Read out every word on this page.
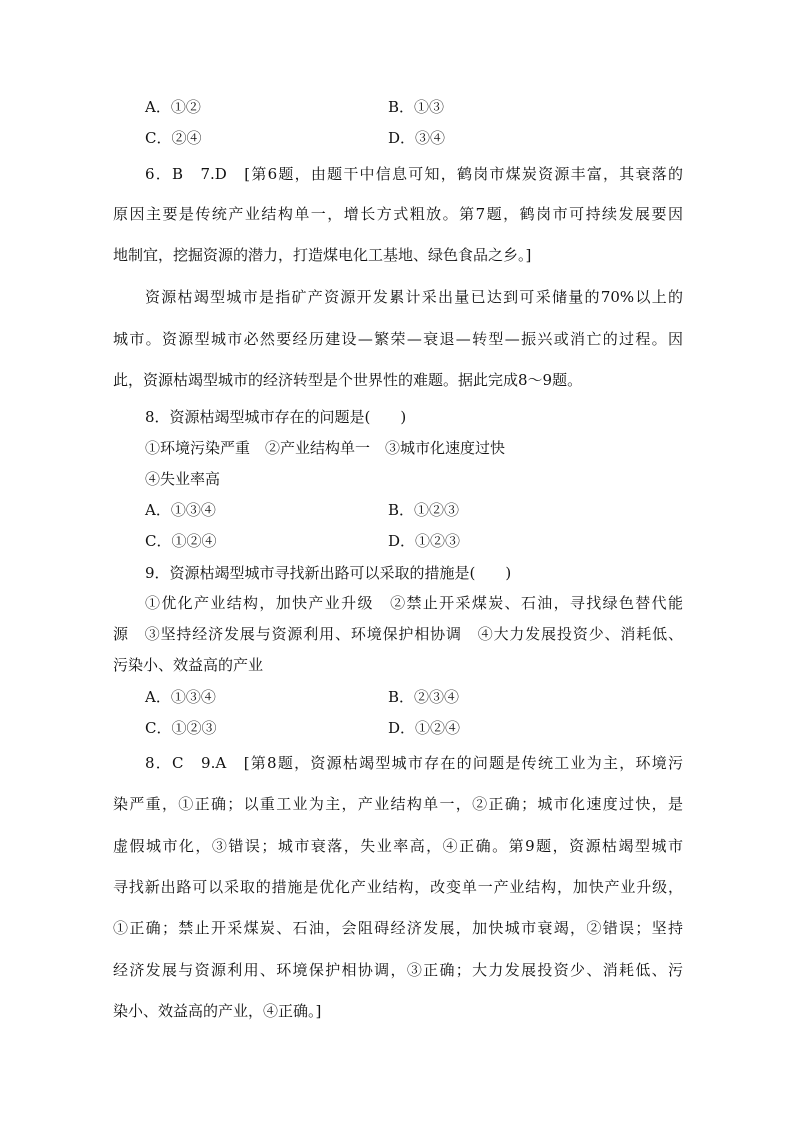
A．①②	B．①③
C．②④	D．③④
6．B　7.D　[第6题，由题干中信息可知，鹤岗市煤炭资源丰富，其衰落的
原因主要是传统产业结构单一，增长方式粗放。第7题，鹤岗市可持续发展要因
地制宜，挖掘资源的潜力，打造煤电化工基地、绿色食品之乡。]
资源枯竭型城市是指矿产资源开发累计采出量已达到可采储量的70%以上的
城市。资源型城市必然要经历建设—繁荣—衰退—转型—振兴或消亡的过程。因
此，资源枯竭型城市的经济转型是个世界性的难题。据此完成8～9题。
8．资源枯竭型城市存在的问题是(　　)
①环境污染严重　②产业结构单一　③城市化速度过快
④失业率高
A．①③④	B．①②③
C．①②④	D．①②③
9．资源枯竭型城市寻找新出路可以采取的措施是(　　)
①优化产业结构，加快产业升级　②禁止开采煤炭、石油，寻找绿色替代能
源　③坚持经济发展与资源利用、环境保护相协调　④大力发展投资少、消耗低、
污染小、效益高的产业
A．①③④	B．②③④
C．①②③	D．①②④
8．C　9.A　[第8题，资源枯竭型城市存在的问题是传统工业为主，环境污
染严重，①正确；以重工业为主，产业结构单一，②正确；城市化速度过快，是
虚假城市化，③错误；城市衰落，失业率高，④正确。第9题，资源枯竭型城市
寻找新出路可以采取的措施是优化产业结构，改变单一产业结构，加快产业升级，
①正确；禁止开采煤炭、石油，会阻碍经济发展，加快城市衰竭，②错误；坚持
经济发展与资源利用、环境保护相协调，③正确；大力发展投资少、消耗低、污
染小、效益高的产业，④正确。]
